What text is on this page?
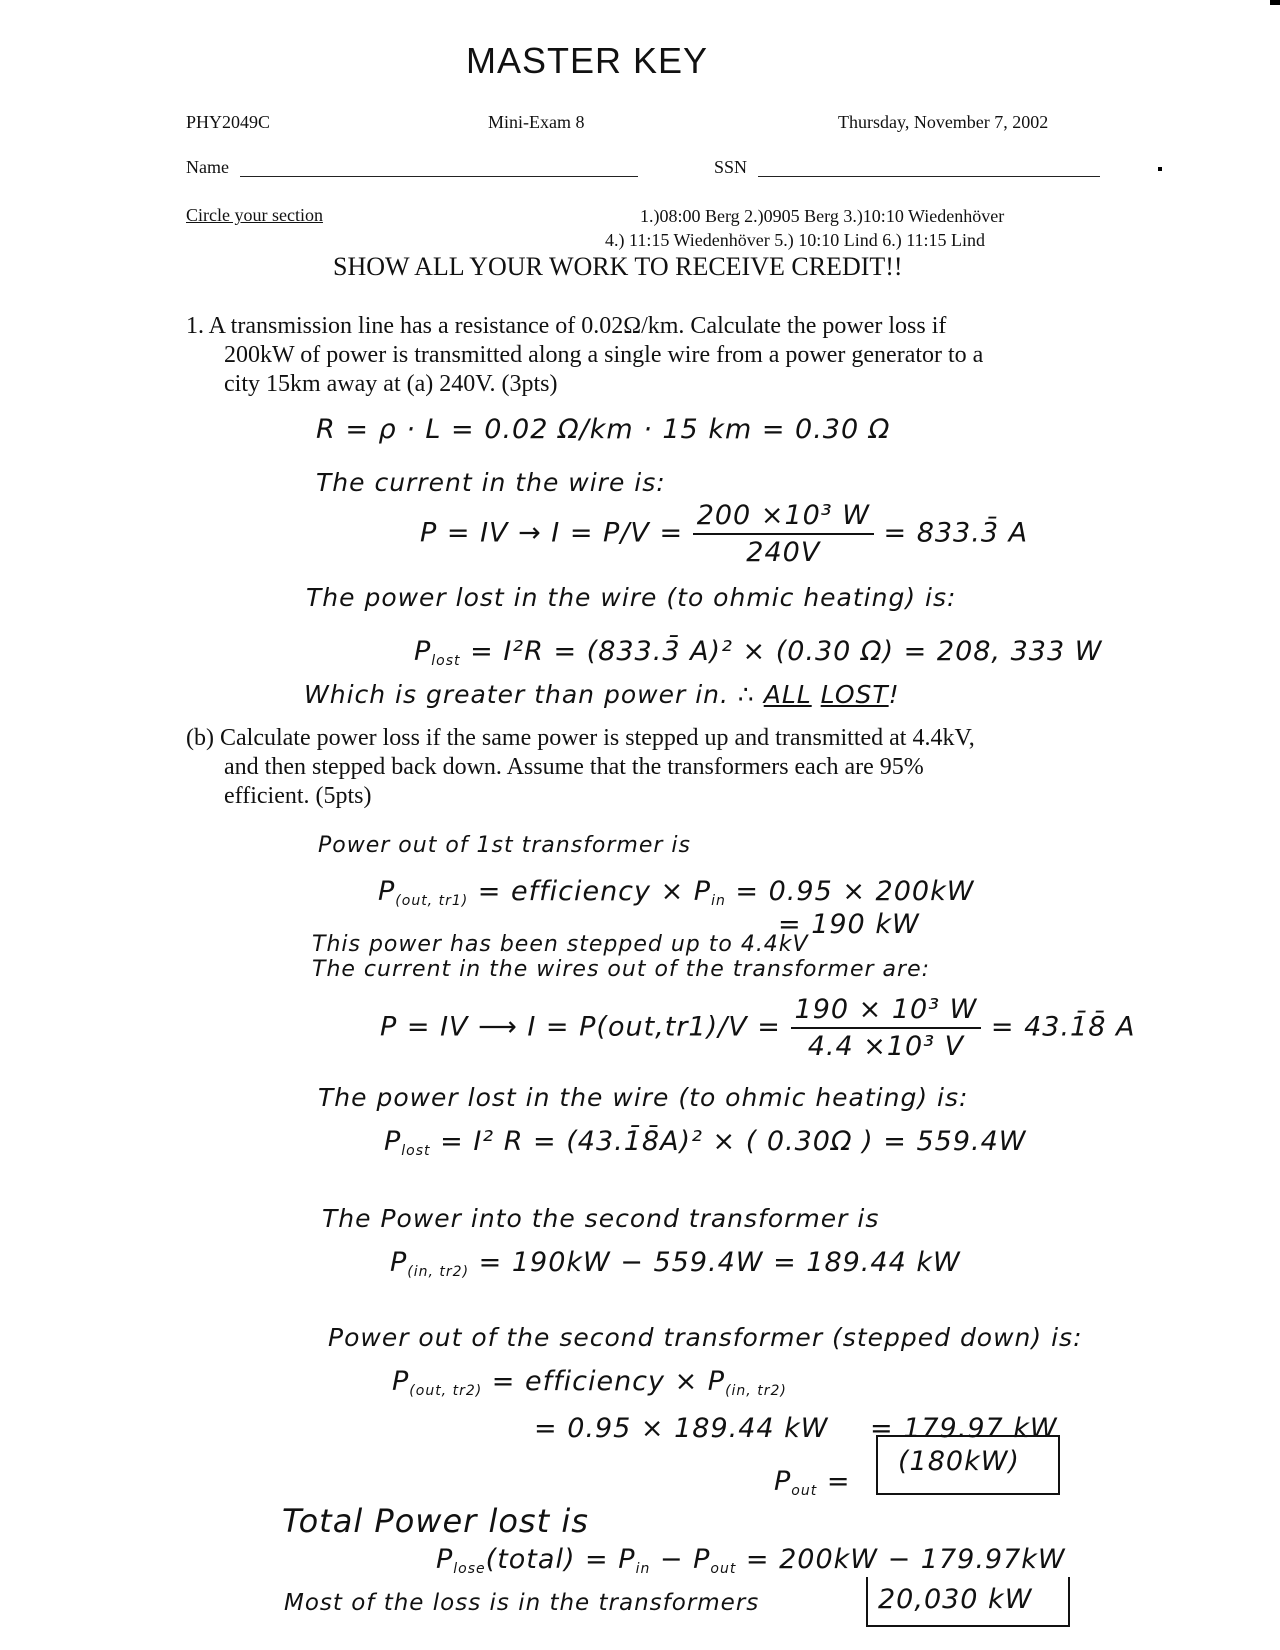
MASTER KEY
PHY2049C	Mini-Exam 8	Thursday, November 7, 2002
Name	SSN
Circle your section	1.)08:00 Berg 2.)0905 Berg 3.)10:10 Wiedenhöver
4.) 11:15 Wiedenhöver 5.) 10:10 Lind 6.) 11:15 Lind
SHOW ALL YOUR WORK TO RECEIVE CREDIT!!
1. A transmission line has a resistance of 0.02Ω/km. Calculate the power loss if
200kW of power is transmitted along a single wire from a power generator to a
city 15km away at (a) 240V. (3pts)
R = ρ · L = 0.02 Ω/km · 15 km = 0.30 Ω
The current in the wire is:
P = IV → $I = P/V = \frac{\text{200 ×10³ W}}{240V}$ = 833.3̄ A
The power lost in the wire (to ohmic heating) is:
$P_{lost} = I^2R$ = (833.3̄ A)² × (0.30 Ω) = 208, 333 W
Which is greater than power in. ∴ ALL LOST!
(b) Calculate power loss if the same power is stepped up and transmitted at 4.4kV,
and then stepped back down. Assume that the transformers each are 95%
efficient. (5pts)
Power out of 1st transformer is
$P_{(out, tr1)}$ = efficiency × $P_{in} = 0.95 \times 200kW$
= 190 kW
This power has been stepped up to 4.4kV
The current in the wires out of the transformer are:
P = IV ⟶ $I = P(out,tr1)/V = \frac{\text{190 × 10³ W}}{\text{4.4 ×10³ V}}$ = 43.1̄8̄ A
The power lost in the wire (to ohmic heating) is:
$P_{lost} = I^2$ R = (43.1̄8̄A)² × ( 0.30Ω ) = 559.4W
The Power into the second transformer is
$P_{(in, tr2)} = 190kW - 559.4W = 189.44$ kW
Power out of the second transformer (stepped down) is:
$P_{(out, tr2)}$ = efficiency × $P_{(in, tr2)}$
= 0.95 × 189.44 kW = 179.97 kW
$P_{out}$ =
(180kW)
Total Power lost is
$P_{lose}(total) = P_{in} - P_{out} = 200kW - 179.97kW$
Most of the loss is in the transformers	20,030 kW
